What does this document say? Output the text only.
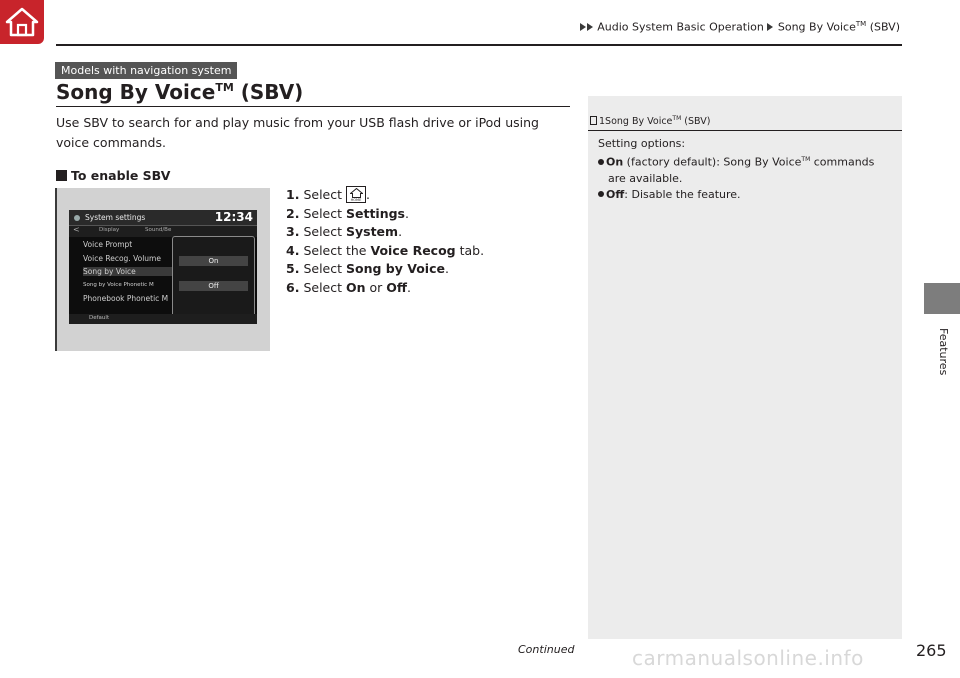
Audio System Basic Operation Song By Voice™ (SBV)
Models with navigation system
Song By Voice™ (SBV)

Use SBV to search for and play music from your USB flash drive or iPod using voice commands.

To enable SBV
System settings	12:34
<	Display	Sound/Be
Voice Prompt
Voice Recog. Volume
Song by Voice
Song by Voice Phonetic M
Phonebook Phonetic M
On
Off
Default
1. Select	HOME .
2. Select Settings.
3. Select System.
4. Select the Voice Recog tab.
5. Select Song by Voice.
6. Select On or Off.
1Song By Voice™ (SBV)
Setting options:
On (factory default): Song By Voice™ commands
are available.
Off: Disable the feature.
Features
carmanualsonline.info
Continued	265
